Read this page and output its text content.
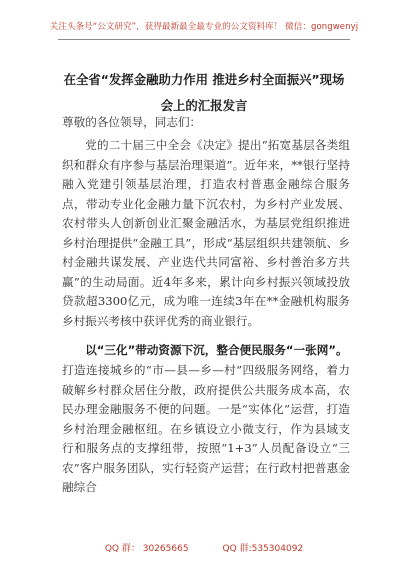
关注头条号“公文研究”，获得最新最全最专业的公文资料库！ 微信：gongwenyj
在全省“发挥金融助力作用 推进乡村全面振兴”现场会上的汇报发言
尊敬的各位领导，同志们：

党的二十届三中全会《决定》提出“拓宽基层各类组织和群众有序参与基层治理渠道”。近年来，**银行坚持融入党建引领基层治理，打造农村普惠金融综合服务点，带动专业化金融力量下沉农村，为乡村产业发展、农村带头人创新创业汇聚金融活水，为基层党组织推进乡村治理提供“金融工具”，形成“基层组织共建领航、乡村金融共谋发展、产业迭代共同富裕、乡村善治多方共赢”的生动局面。近4年多来，累计向乡村振兴领域投放贷款超3300亿元，成为唯一连续3年在**金融机构服务乡村振兴考核中获评优秀的商业银行。

以“三化”带动资源下沉，整合便民服务“一张网”。

打造连接城乡的“市—县—乡—村”四级服务网络，着力破解乡村群众居住分散，政府提供公共服务成本高，农民办理金融服务不便的问题。一是“实体化”运营，打造乡村治理金融枢纽。在乡镇设立小微支行，作为县域支行和服务点的支撑纽带，按照“1+3”人员配备设立“三农”客户服务团队，实行轻资产运营；在行政村把普惠金融综合

QQ 群： 30265665	QQ 群:535304092
